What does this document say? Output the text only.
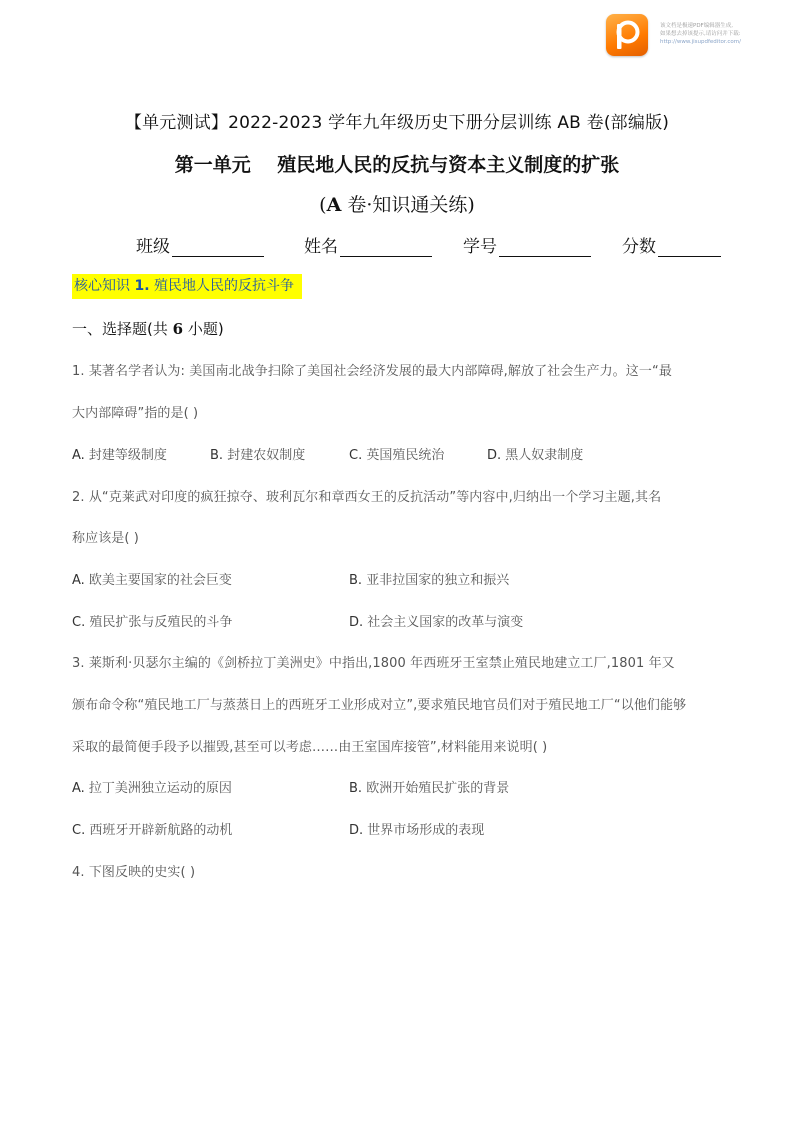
该文档是极速PDF编辑器生成,
如果想去掉该提示,请访问并下载:
http://www.jisupdfeditor.com/
【单元测试】2022-2023 学年九年级历史下册分层训练 AB 卷(部编版)
第一单元    殖民地人民的反抗与资本主义制度的扩张
(A 卷·知识通关练)
班级	姓名	学号	分数
核心知识 1. 殖民地人民的反抗斗争
一、选择题(共 6 小题)
1. 某著名学者认为: 美国南北战争扫除了美国社会经济发展的最大内部障碍,解放了社会生产力。这一“最
大内部障碍”指的是( )
A. 封建等级制度	B. 封建农奴制度	C. 英国殖民统治	D. 黑人奴隶制度
2. 从“克莱武对印度的疯狂掠夺、玻利瓦尔和章西女王的反抗活动”等内容中,归纳出一个学习主题,其名
称应该是( )
A. 欧美主要国家的社会巨变	B. 亚非拉国家的独立和振兴
C. 殖民扩张与反殖民的斗争	D. 社会主义国家的改革与演变
3. 莱斯利·贝瑟尔主编的《剑桥拉丁美洲史》中指出,1800 年西班牙王室禁止殖民地建立工厂,1801 年又
颁布命令称“殖民地工厂与蒸蒸日上的西班牙工业形成对立”,要求殖民地官员们对于殖民地工厂“以他们能够
采取的最简便手段予以摧毁,甚至可以考虑……由王室国库接管”,材料能用来说明( )
A. 拉丁美洲独立运动的原因	B. 欧洲开始殖民扩张的背景
C. 西班牙开辟新航路的动机	D. 世界市场形成的表现
4. 下图反映的史实( )
